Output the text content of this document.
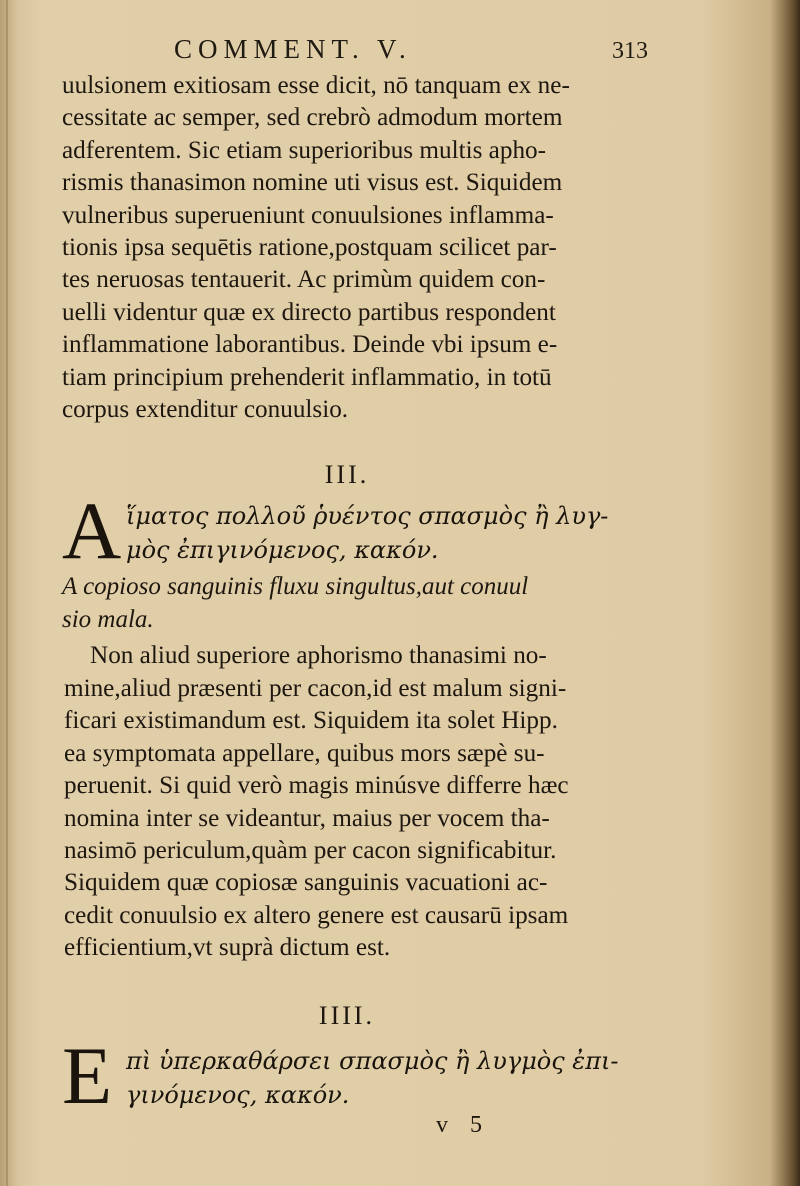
COMMENT. V.	313
uulsionem exitiosam esse dicit, nō tanquam ex ne-
cessitate ac semper, sed crebrò admodum mortem
adferentem. Sic etiam superioribus multis apho-
rismis thanasimon nomine uti visus est. Siquidem
vulneribus superueniunt conuulsiones inflamma-
tionis ipsa sequētis ratione,postquam scilicet par-
tes neruosas tentauerit. Ac primùm quidem con-
uelli videntur quæ ex directo partibus respondent
inflammatione laborantibus. Deinde vbi ipsum e-
tiam principium prehenderit inflammatio, in totū
corpus extenditur conuulsio.
III.
A ἵματος πολλοῦ ῥυέντος σπασμὸς ἢ λυγ-
μὸς ἐπιγινόμενος, κακόν.
A copioso sanguinis fluxu singultus,aut conuul
sio mala.
Non aliud superiore aphorismo thanasimi no-
mine,aliud præsenti per cacon,id est malum signi-
ficari existimandum est. Siquidem ita solet Hipp.
ea symptomata appellare, quibus mors sæpè su-
peruenit. Si quid verò magis minúsve differre hæc
nomina inter se videantur, maius per vocem tha-
nasimō periculum,quàm per cacon significabitur.
Siquidem quæ copiosæ sanguinis vacuationi ac-
cedit conuulsio ex altero genere est causarū ipsam
efficientium,vt suprà dictum est.
IIII.
E πὶ ὑπερκαθάρσει σπασμὸς ἢ λυγμὸς ἐπι-
γινόμενος, κακόν.
v 5
